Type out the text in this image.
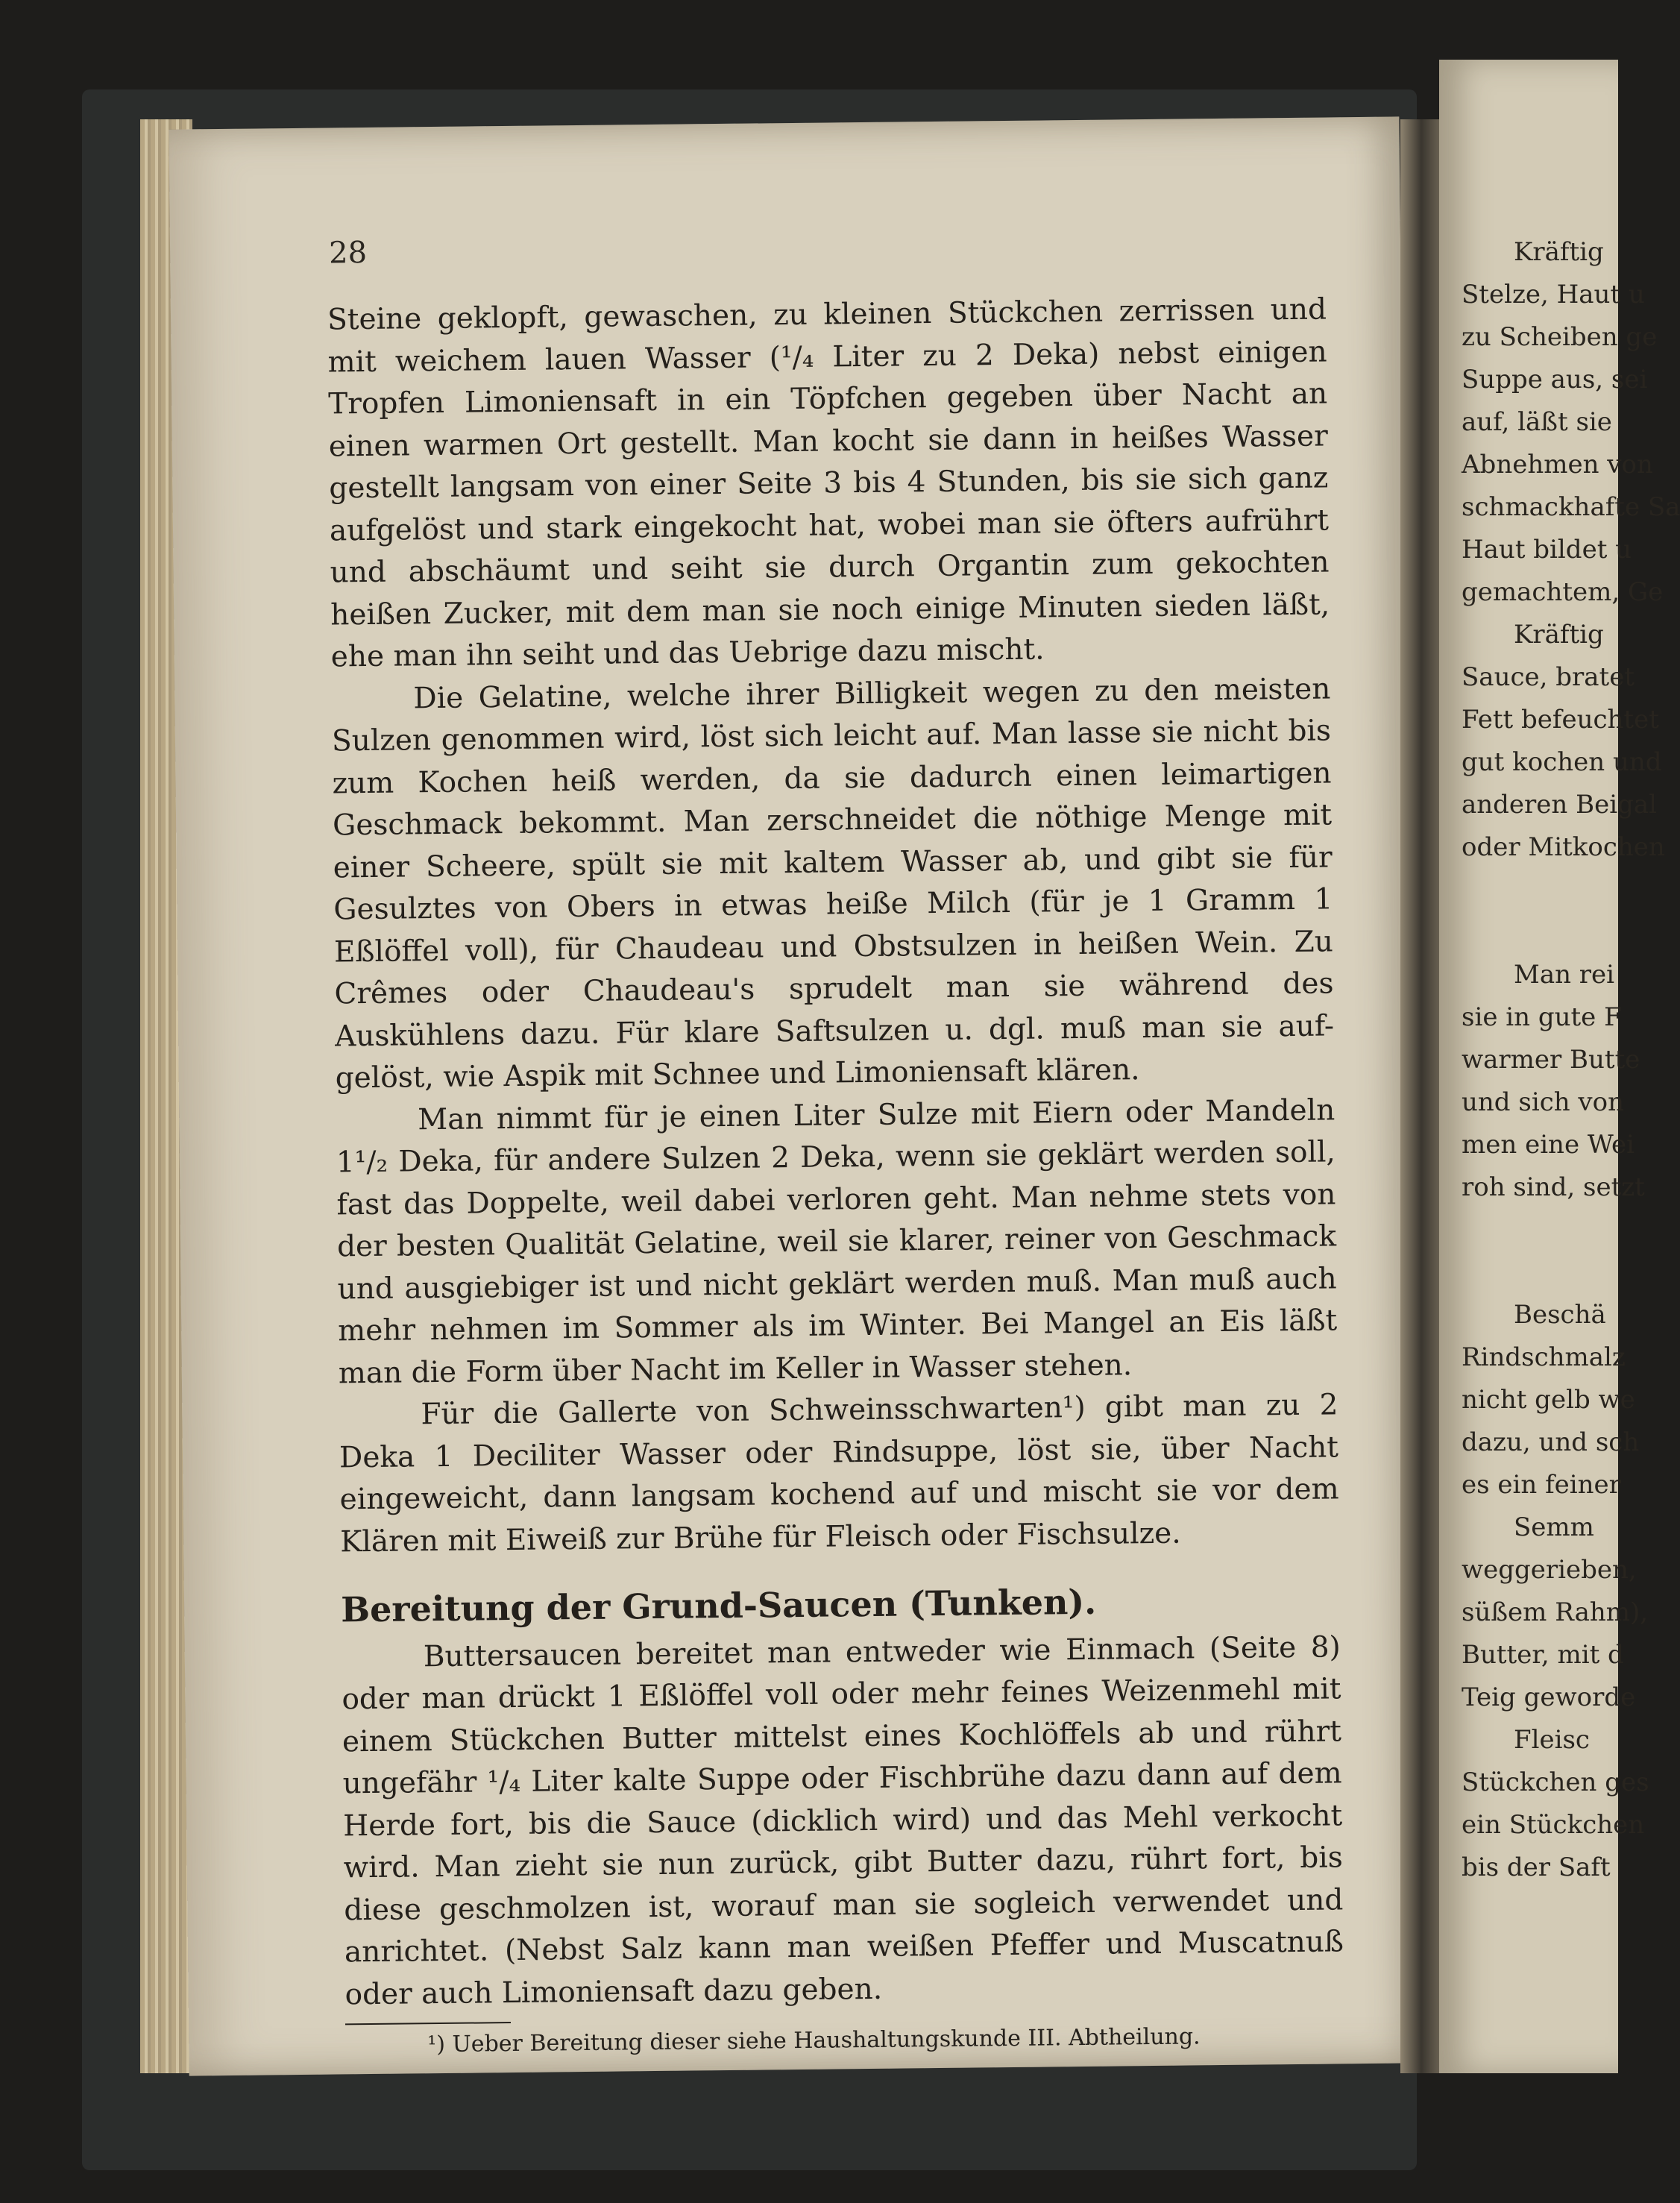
28

Steine geklopft, gewaschen, zu kleinen Stückchen zerrissen und mit weichem lauen Wasser (¹/₄ Liter zu 2 Deka) nebst einigen Tropfen Limoniensaft in ein Töpfchen gegeben über Nacht an einen warmen Ort gestellt. Man kocht sie dann in heißes Wasser gestellt langsam von einer Seite 3 bis 4 Stunden, bis sie sich ganz aufgelöst und stark eingekocht hat, wobei man sie öfters aufrührt und abschäumt und seiht sie durch Organtin zum gekochten heißen Zucker, mit dem man sie noch einige Minuten sieden läßt, ehe man ihn seiht und das Uebrige dazu mischt.

Die Gelatine, welche ihrer Billigkeit wegen zu den meisten Sulzen genommen wird, löst sich leicht auf. Man lasse sie nicht bis zum Kochen heiß werden, da sie dadurch einen leimartigen Geschmack bekommt. Man zerschneidet die nöthige Menge mit einer Scheere, spült sie mit kaltem Wasser ab, und gibt sie für Gesulztes von Obers in etwas heiße Milch (für je 1 Gramm 1 Eßlöffel voll), für Chaudeau und Obstsulzen in heißen Wein. Zu Crêmes oder Chaudeau's sprudelt man sie während des Auskühlens dazu. Für klare Saftsulzen u. dgl. muß man sie auf-gelöst, wie Aspik mit Schnee und Limoniensaft klären.

Man nimmt für je einen Liter Sulze mit Eiern oder Mandeln 1¹/₂ Deka, für andere Sulzen 2 Deka, wenn sie geklärt werden soll, fast das Doppelte, weil dabei verloren geht. Man nehme stets von der besten Qualität Gelatine, weil sie klarer, reiner von Geschmack und ausgiebiger ist und nicht geklärt werden muß. Man muß auch mehr nehmen im Sommer als im Winter. Bei Mangel an Eis läßt man die Form über Nacht im Keller in Wasser stehen.

Für die Gallerte von Schweinsschwarten¹) gibt man zu 2 Deka 1 Deciliter Wasser oder Rindsuppe, löst sie, über Nacht eingeweicht, dann langsam kochend auf und mischt sie vor dem Klären mit Eiweiß zur Brühe für Fleisch oder Fischsulze.

Bereitung der Grund-Saucen (Tunken).

Buttersaucen bereitet man entweder wie Einmach (Seite 8) oder man drückt 1 Eßlöffel voll oder mehr feines Weizenmehl mit einem Stückchen Butter mittelst eines Kochlöffels ab und rührt ungefähr ¹/₄ Liter kalte Suppe oder Fischbrühe dazu dann auf dem Herde fort, bis die Sauce (dicklich wird) und das Mehl verkocht wird. Man zieht sie nun zurück, gibt Butter dazu, rührt fort, bis diese geschmolzen ist, worauf man sie sogleich verwendet und anrichtet. (Nebst Salz kann man weißen Pfeffer und Muscatnuß oder auch Limoniensaft dazu geben.

¹) Ueber Bereitung dieser siehe Haushaltungskunde III. Abtheilung.

Kräftig
Stelze, Haut u
zu Scheiben ge
Suppe aus, sei
auf, läßt sie
Abnehmen von
schmackhafte Sa
Haut bildet u
gemachtem, Ge
Kräftig
Sauce, bratet
Fett befeuchtet
gut kochen und
anderen Beigal
oder Mitkochen
Man rei
sie in gute F
warmer Butte
und sich von
men eine Wei
roh sind, setzt
Beschä
Rindschmalz
nicht gelb we
dazu, und sch
es ein feiner
Semm
weggerieben,
süßem Rahm),
Butter, mit d
Teig geworde
Fleisc
Stückchen ges
ein Stückchen
bis der Saft
